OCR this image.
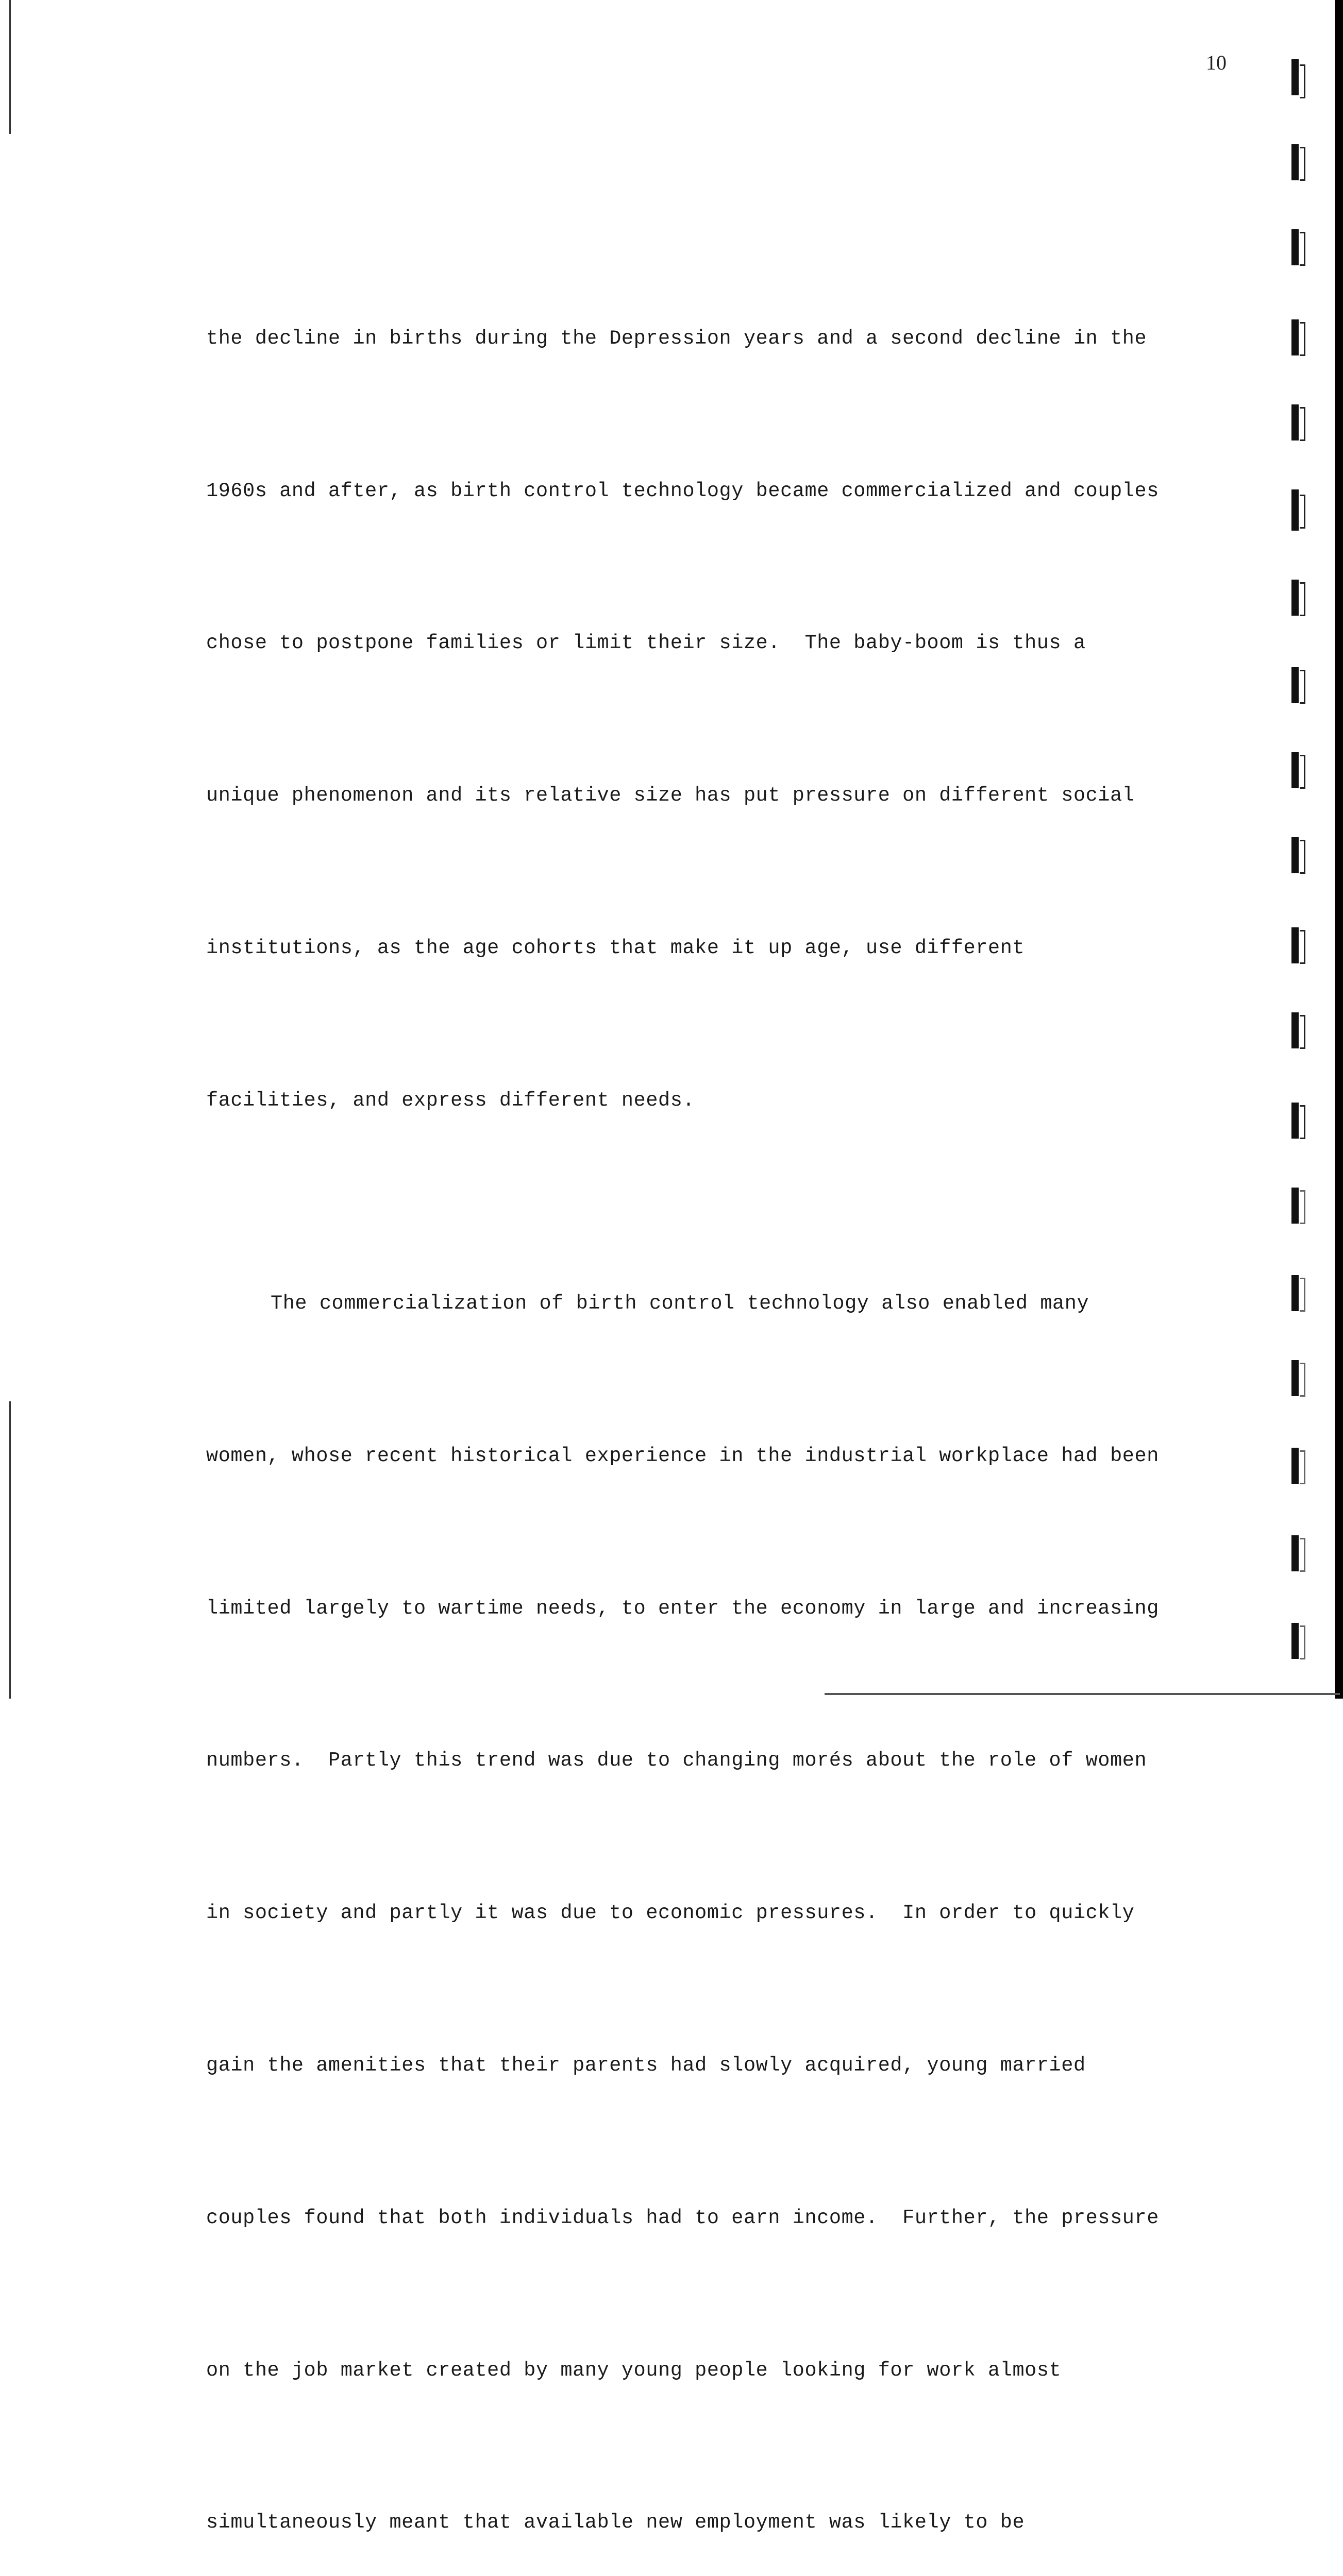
10

the decline in births during the Depression years and a second decline in the

1960s and after, as birth control technology became commercialized and couples

chose to postpone families or limit their size.  The baby-boom is thus a

unique phenomenon and its relative size has put pressure on different social

institutions, as the age cohorts that make it up age, use different

facilities, and express different needs.

The commercialization of birth control technology also enabled many

women, whose recent historical experience in the industrial workplace had been

limited largely to wartime needs, to enter the economy in large and increasing

numbers.  Partly this trend was due to changing morés about the role of women

in society and partly it was due to economic pressures.  In order to quickly

gain the amenities that their parents had slowly acquired, young married

couples found that both individuals had to earn income.  Further, the pressure

on the job market created by many young people looking for work almost

simultaneously meant that available new employment was likely to be
